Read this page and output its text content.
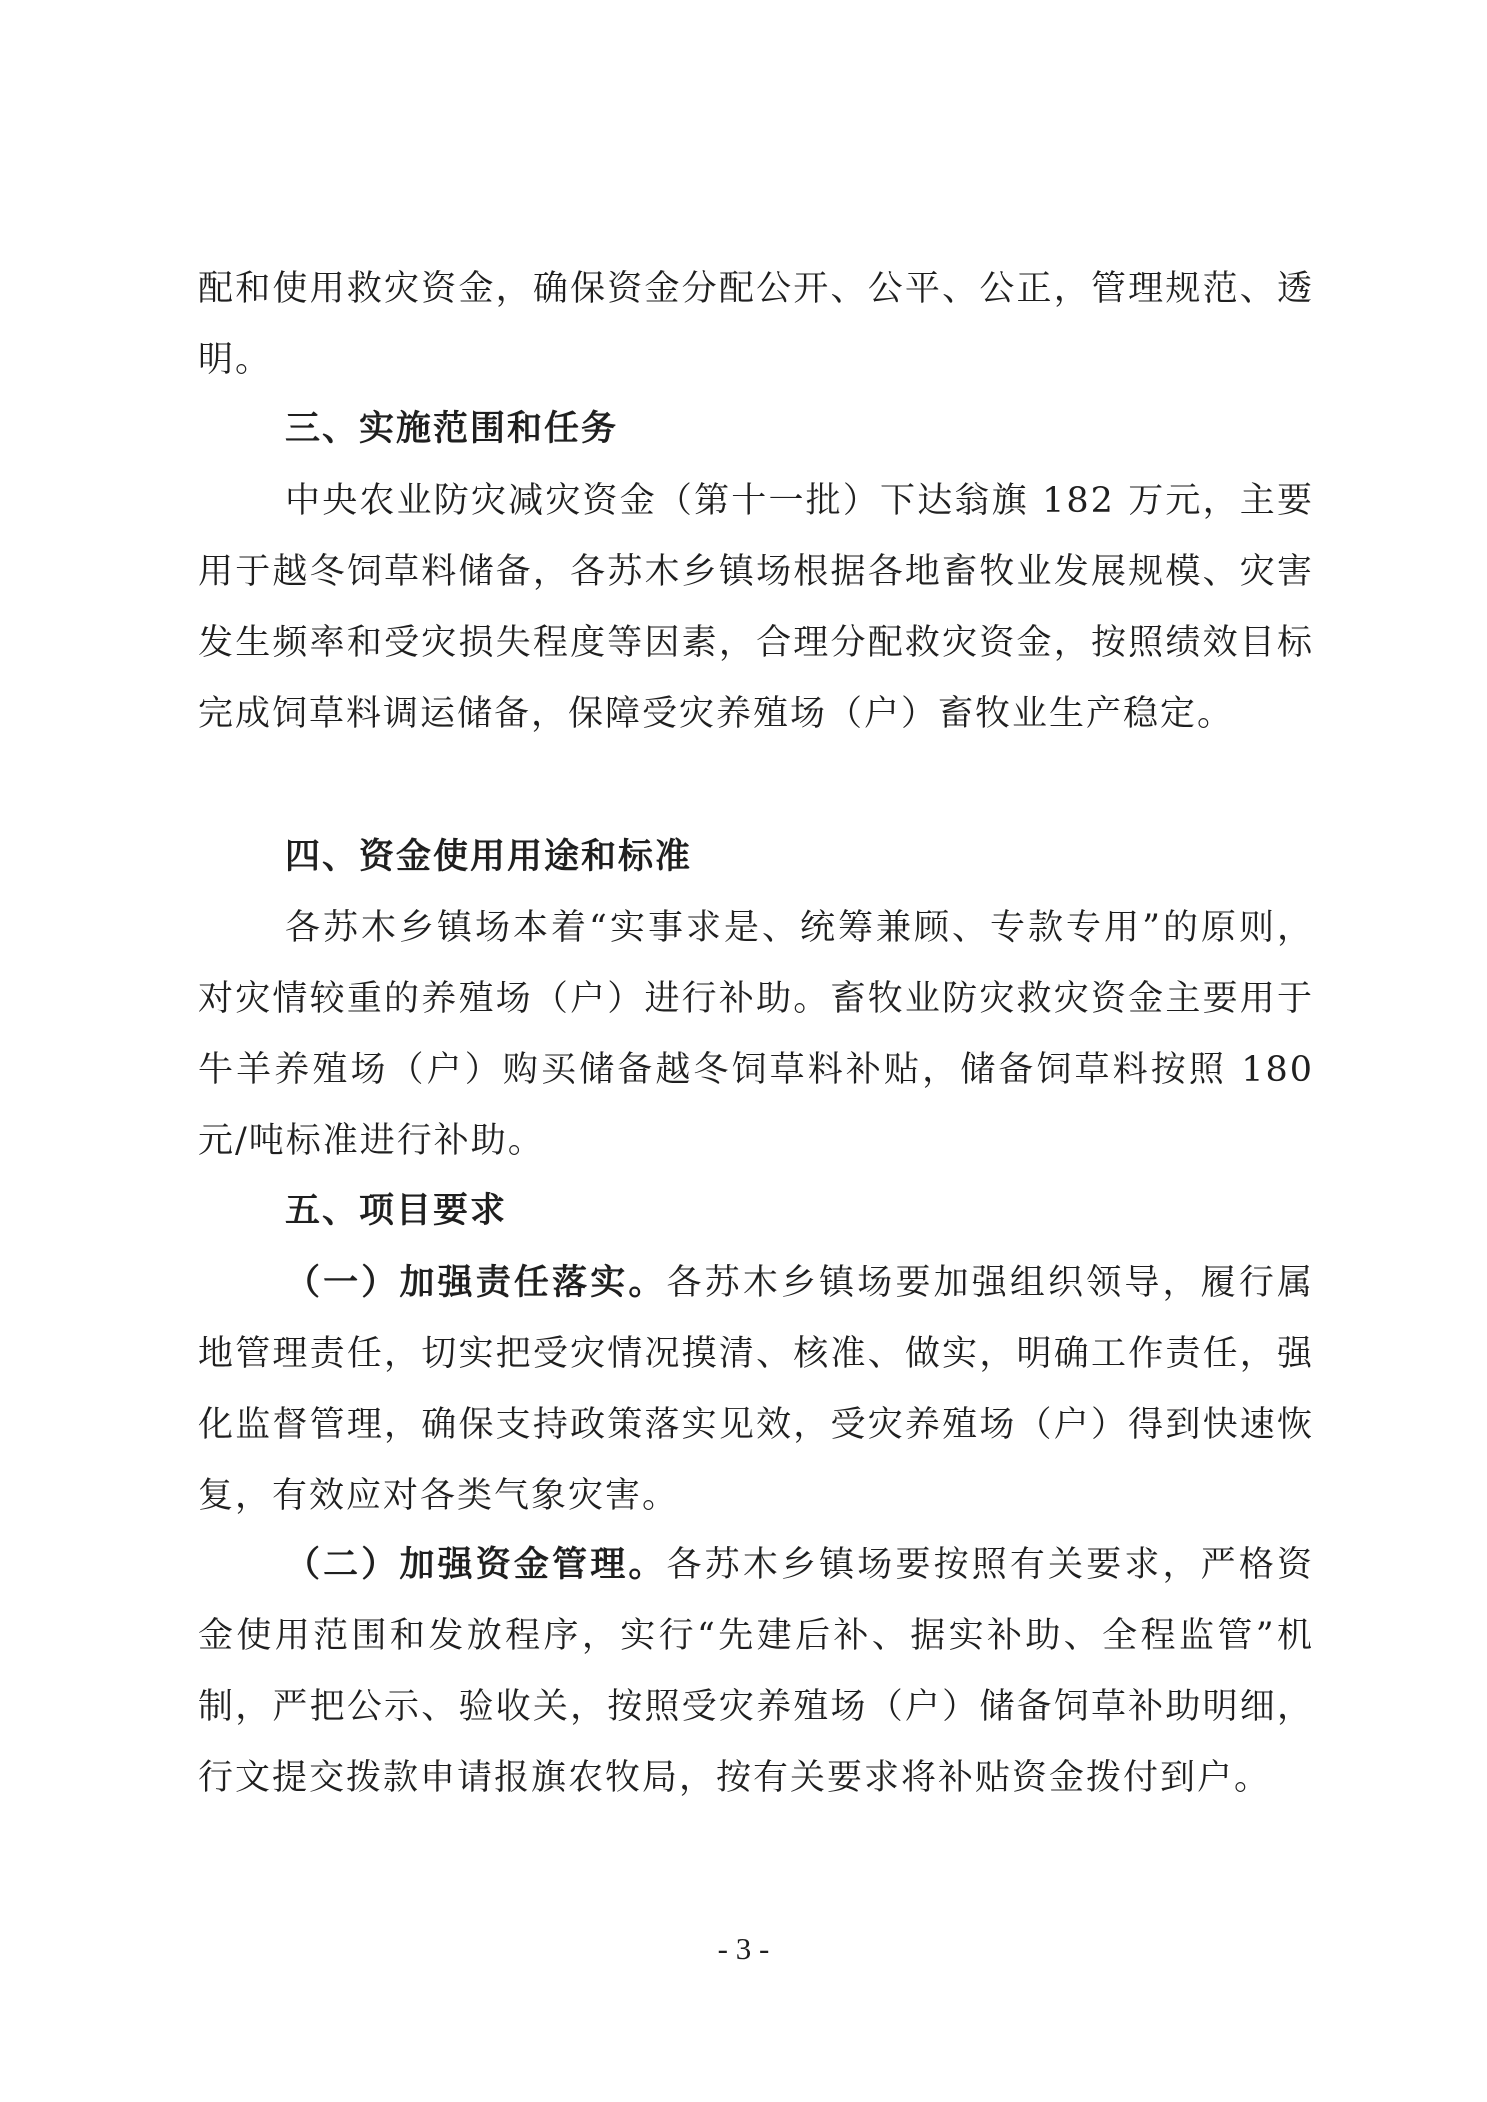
配和使用救灾资金，确保资金分配公开、公平、公正，管理规范、透明。
三、实施范围和任务
中央农业防灾减灾资金（第十一批）下达翁旗 182 万元，主要用于越冬饲草料储备，各苏木乡镇场根据各地畜牧业发展规模、灾害发生频率和受灾损失程度等因素，合理分配救灾资金，按照绩效目标完成饲草料调运储备，保障受灾养殖场（户）畜牧业生产稳定。
四、资金使用用途和标准
各苏木乡镇场本着“实事求是、统筹兼顾、专款专用”的原则，对灾情较重的养殖场（户）进行补助。畜牧业防灾救灾资金主要用于牛羊养殖场（户）购买储备越冬饲草料补贴，储备饲草料按照 180 元/吨标准进行补助。
五、项目要求
（一）加强责任落实。各苏木乡镇场要加强组织领导，履行属地管理责任，切实把受灾情况摸清、核准、做实，明确工作责任，强化监督管理，确保支持政策落实见效，受灾养殖场（户）得到快速恢复，有效应对各类气象灾害。
（二）加强资金管理。各苏木乡镇场要按照有关要求，严格资金使用范围和发放程序，实行“先建后补、据实补助、全程监管”机制，严把公示、验收关，按照受灾养殖场（户）储备饲草补助明细，行文提交拨款申请报旗农牧局，按有关要求将补贴资金拨付到户。
- 3 -
